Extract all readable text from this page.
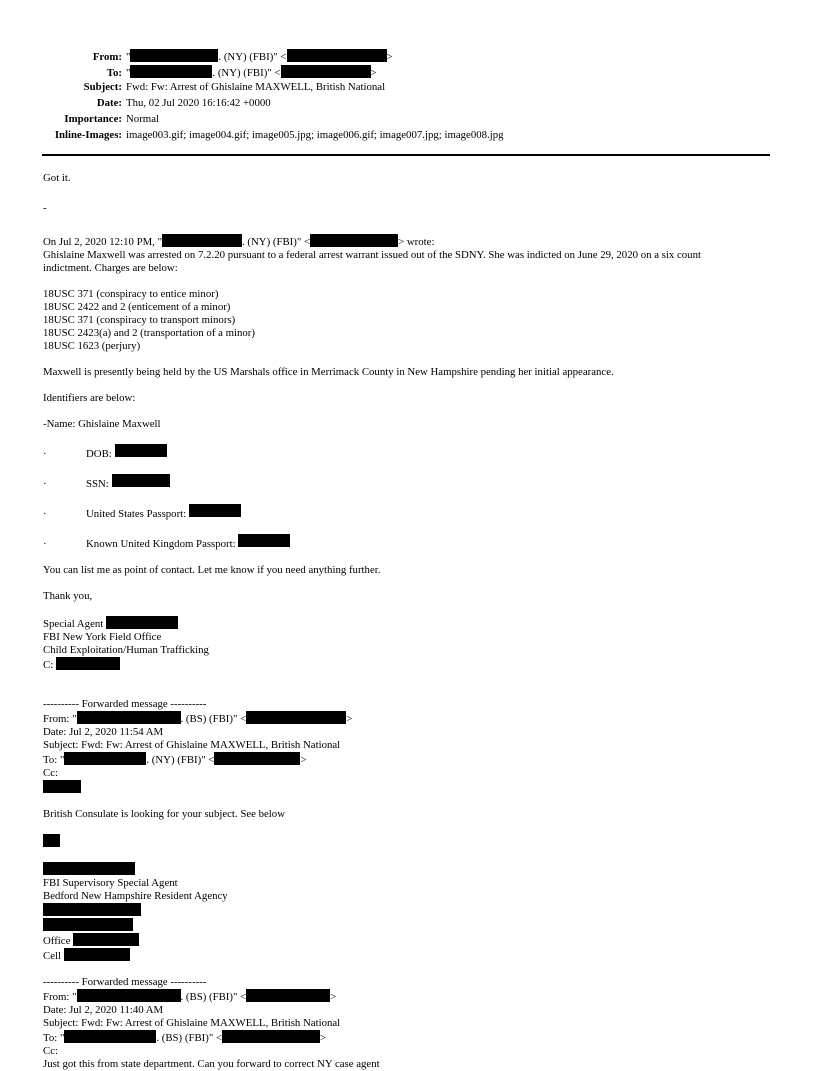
From: "	. (NY) (FBI)" <	>
To: "	. (NY) (FBI)" <	>
Subject: Fwd: Fw: Arrest of Ghislaine MAXWELL, British National
Date: Thu, 02 Jul 2020 16:16:42 +0000
Importance: Normal
Inline-Images: image003.gif; image004.gif; image005.jpg; image006.gif; image007.jpg; image008.jpg
Got it.
-
On Jul 2, 2020 12:10 PM, "	. (NY) (FBI)" <	> wrote:
Ghislaine Maxwell was arrested on 7.2.20 pursuant to a federal arrest warrant issued out of the SDNY. She was indicted on June 29, 2020 on a six count
indictment. Charges are below:
18USC 371 (conspiracy to entice minor)
18USC 2422 and 2 (enticement of a minor)
18USC 371 (conspiracy to transport minors)
18USC 2423(a) and 2 (transportation of a minor)
18USC 1623 (perjury)
Maxwell is presently being held by the US Marshals office in Merrimack County in New Hampshire pending her initial appearance.
Identifiers are below:
-Name: Ghislaine Maxwell
·	DOB:

·	SSN:

·	United States Passport:

·	Known United Kingdom Passport:

You can list me as point of contact. Let me know if you need anything further.
Thank you,
Special Agent
FBI New York Field Office
Child Exploitation/Human Trafficking
C:
---------- Forwarded message ----------
From: "	. (BS) (FBI)" <	>
Date: Jul 2, 2020 11:54 AM
Subject: Fwd: Fw: Arrest of Ghislaine MAXWELL, British National
To: "	. (NY) (FBI)" <	>
Cc:
British Consulate is looking for your subject. See below
FBI Supervisory Special Agent
Bedford New Hampshire Resident Agency
Office
Cell
---------- Forwarded message ----------
From: "	. (BS) (FBI)" <	>
Date: Jul 2, 2020 11:40 AM
Subject: Fwd: Fw: Arrest of Ghislaine MAXWELL, British National
To: "	. (BS) (FBI)" <	>
Cc:
Just got this from state department. Can you forward to correct NY case agent
